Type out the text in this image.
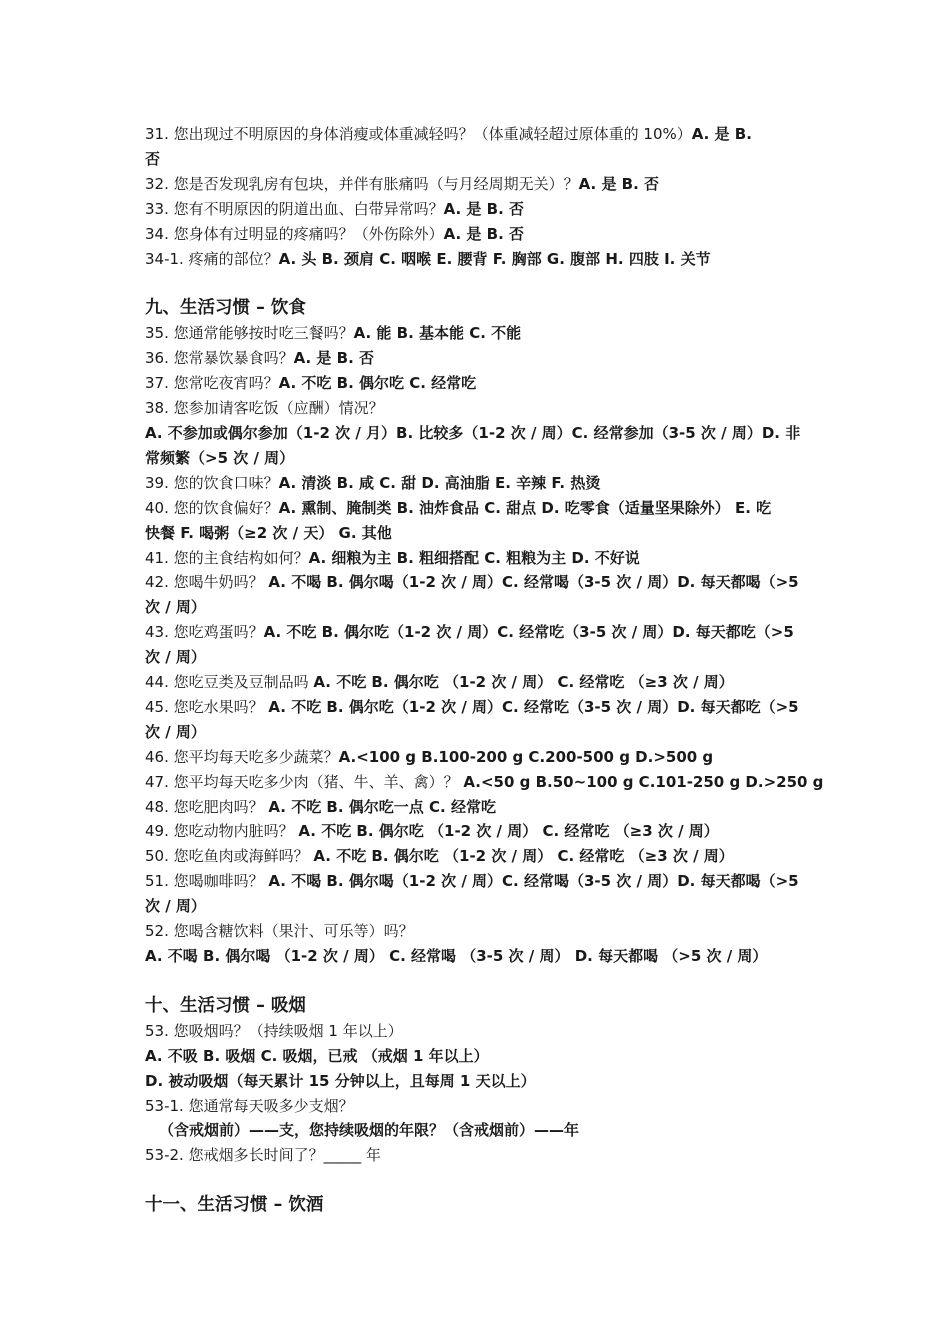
31. 您出现过不明原因的身体消瘦或体重减轻吗？（体重减轻超过原体重的 10%）A. 是 B.
否
32. 您是否发现乳房有包块，并伴有胀痛吗（与月经周期无关）？A. 是 B. 否
33. 您有不明原因的阴道出血、白带异常吗？A. 是 B. 否
34. 您身体有过明显的疼痛吗？（外伤除外）A. 是 B. 否
34-1. 疼痛的部位？A. 头 B. 颈肩 C. 咽喉 E. 腰背 F. 胸部 G. 腹部 H. 四肢 I. 关节
九、生活习惯 – 饮食
35. 您通常能够按时吃三餐吗？A. 能 B. 基本能 C. 不能
36. 您常暴饮暴食吗？A. 是 B. 否
37. 您常吃夜宵吗？A. 不吃 B. 偶尔吃 C. 经常吃
38. 您参加请客吃饭（应酬）情况？
A. 不参加或偶尔参加（1-2 次 / 月）B. 比较多（1-2 次 / 周）C. 经常参加（3-5 次 / 周）D. 非
常频繁（>5 次 / 周）
39. 您的饮食口味？A. 清淡 B. 咸 C. 甜 D. 高油脂 E. 辛辣 F. 热烫
40. 您的饮食偏好？A. 熏制、腌制类 B. 油炸食品 C. 甜点 D. 吃零食（适量坚果除外） E. 吃
快餐 F. 喝粥（≥2 次 / 天） G. 其他
41. 您的主食结构如何？A. 细粮为主 B. 粗细搭配 C. 粗粮为主 D. 不好说
42. 您喝牛奶吗？ A. 不喝 B. 偶尔喝（1-2 次 / 周）C. 经常喝（3-5 次 / 周）D. 每天都喝（>5
次 / 周）
43. 您吃鸡蛋吗？A. 不吃 B. 偶尔吃（1-2 次 / 周）C. 经常吃（3-5 次 / 周）D. 每天都吃（>5
次 / 周）
44. 您吃豆类及豆制品吗 A. 不吃 B. 偶尔吃 （1-2 次 / 周） C. 经常吃 （≥3 次 / 周）
45. 您吃水果吗？ A. 不吃 B. 偶尔吃（1-2 次 / 周）C. 经常吃（3-5 次 / 周）D. 每天都吃（>5
次 / 周）
46. 您平均每天吃多少蔬菜？A.<100 g B.100-200 g C.200-500 g D.>500 g
47. 您平均每天吃多少肉（猪、牛、羊、禽）？ A.<50 g B.50~100 g C.101-250 g D.>250 g
48. 您吃肥肉吗？ A. 不吃 B. 偶尔吃一点 C. 经常吃
49. 您吃动物内脏吗？ A. 不吃 B. 偶尔吃 （1-2 次 / 周） C. 经常吃 （≥3 次 / 周）
50. 您吃鱼肉或海鲜吗？ A. 不吃 B. 偶尔吃 （1-2 次 / 周） C. 经常吃 （≥3 次 / 周）
51. 您喝咖啡吗？ A. 不喝 B. 偶尔喝（1-2 次 / 周）C. 经常喝（3-5 次 / 周）D. 每天都喝（>5
次 / 周）
52. 您喝含糖饮料（果汁、可乐等）吗？
A. 不喝 B. 偶尔喝 （1-2 次 / 周） C. 经常喝 （3-5 次 / 周） D. 每天都喝 （>5 次 / 周）
十、生活习惯 – 吸烟
53. 您吸烟吗？（持续吸烟 1 年以上）
A. 不吸 B. 吸烟 C. 吸烟，已戒 （戒烟 1 年以上）
D. 被动吸烟（每天累计 15 分钟以上，且每周 1 天以上）
53-1. 您通常每天吸多少支烟？
（含戒烟前）——支，您持续吸烟的年限？（含戒烟前）——年
53-2. 您戒烟多长时间了？_____ 年
十一、生活习惯 – 饮酒
